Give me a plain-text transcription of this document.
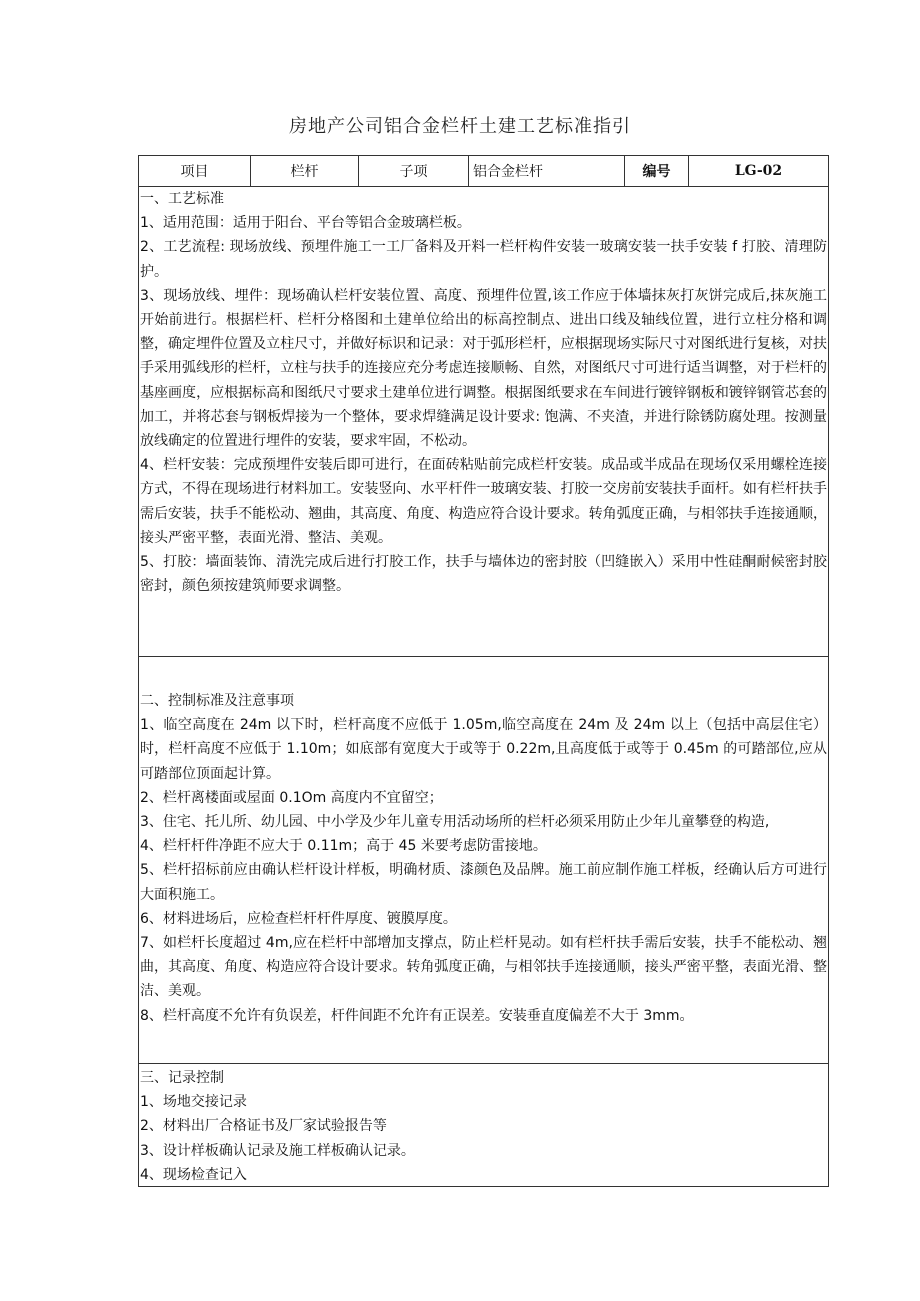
房地产公司铝合金栏杆土建工艺标准指引
项目	栏杆	子项	铝合金栏杆	编号	LG-02

一、工艺标准

1、适用范围：适用于阳台、平台等铝合金玻璃栏板。

2、工艺流程: 现场放线、预埋件施工一工厂备料及开料一栏杆构件安装一玻璃安装一扶手安装 f 打胶、清理防护。

3、现场放线、埋件：现场确认栏杆安装位置、高度、预埋件位置,该工作应于体墙抹灰打灰饼完成后,抹灰施工开始前进行。根据栏杆、栏杆分格图和土建单位给出的标高控制点、进出口线及轴线位置，进行立柱分格和调整，确定埋件位置及立柱尺寸，并做好标识和记录：对于弧形栏杆，应根据现场实际尺寸对图纸进行复核，对扶手采用弧线形的栏杆，立柱与扶手的连接应充分考虑连接顺畅、自然，对图纸尺寸可进行适当调整，对于栏杆的基座画度，应根据标高和图纸尺寸要求土建单位进行调整。根据图纸要求在车间进行镀锌钢板和镀锌钢管芯套的加工，并将芯套与钢板焊接为一个整体，要求焊缝满足设计要求: 饱满、不夹渣，并进行除锈防腐处理。按测量放线确定的位置进行埋件的安装，要求牢固，不松动。

4、栏杆安装：完成预埋件安装后即可进行，在面砖粘贴前完成栏杆安装。成品或半成品在现场仅采用螺栓连接方式，不得在现场进行材料加工。安装竖向、水平杆件一玻璃安装、打胶一交房前安装扶手面杆。如有栏杆扶手需后安装，扶手不能松动、翘曲，其高度、角度、构造应符合设计要求。转角弧度正确，与相邻扶手连接通顺，接头严密平整，表面光滑、整洁、美观。

5、打胶：墙面装饰、清洗完成后进行打胶工作，扶手与墙体边的密封胶（凹缝嵌入）采用中性硅酮耐候密封胶密封，颜色须按建筑师要求调整。

二、控制标准及注意事项

1、临空高度在 24m 以下时，栏杆高度不应低于 1.05m,临空高度在 24m 及 24m 以上（包括中高层住宅）时，栏杆高度不应低于 1.10m；如底部有宽度大于或等于 0.22m,且高度低于或等于 0.45m 的可踏部位,应从可踏部位顶面起计算。

2、栏杆离楼面或屋面 0.1Om 高度内不宜留空；

3、住宅、托儿所、幼儿园、中小学及少年儿童专用活动场所的栏杆必须采用防止少年儿童攀登的构造,

4、栏杆杆件净距不应大于 0.11m；高于 45 米要考虑防雷接地。

5、栏杆招标前应由确认栏杆设计样板，明确材质、漆颜色及品牌。施工前应制作施工样板，经确认后方可进行大面积施工。

6、材料进场后，应检查栏杆杆件厚度、镀膜厚度。

7、如栏杆长度超过 4m,应在栏杆中部增加支撑点，防止栏杆晃动。如有栏杆扶手需后安装，扶手不能松动、翘曲，其高度、角度、构造应符合设计要求。转角弧度正确，与相邻扶手连接通顺，接头严密平整，表面光滑、整洁、美观。

8、栏杆高度不允许有负误差，杆件间距不允许有正误差。安装垂直度偏差不大于 3mm。

三、记录控制

1、场地交接记录

2、材料出厂合格证书及厂家试验报告等

3、设计样板确认记录及施工样板确认记录。

4、现场检查记入
